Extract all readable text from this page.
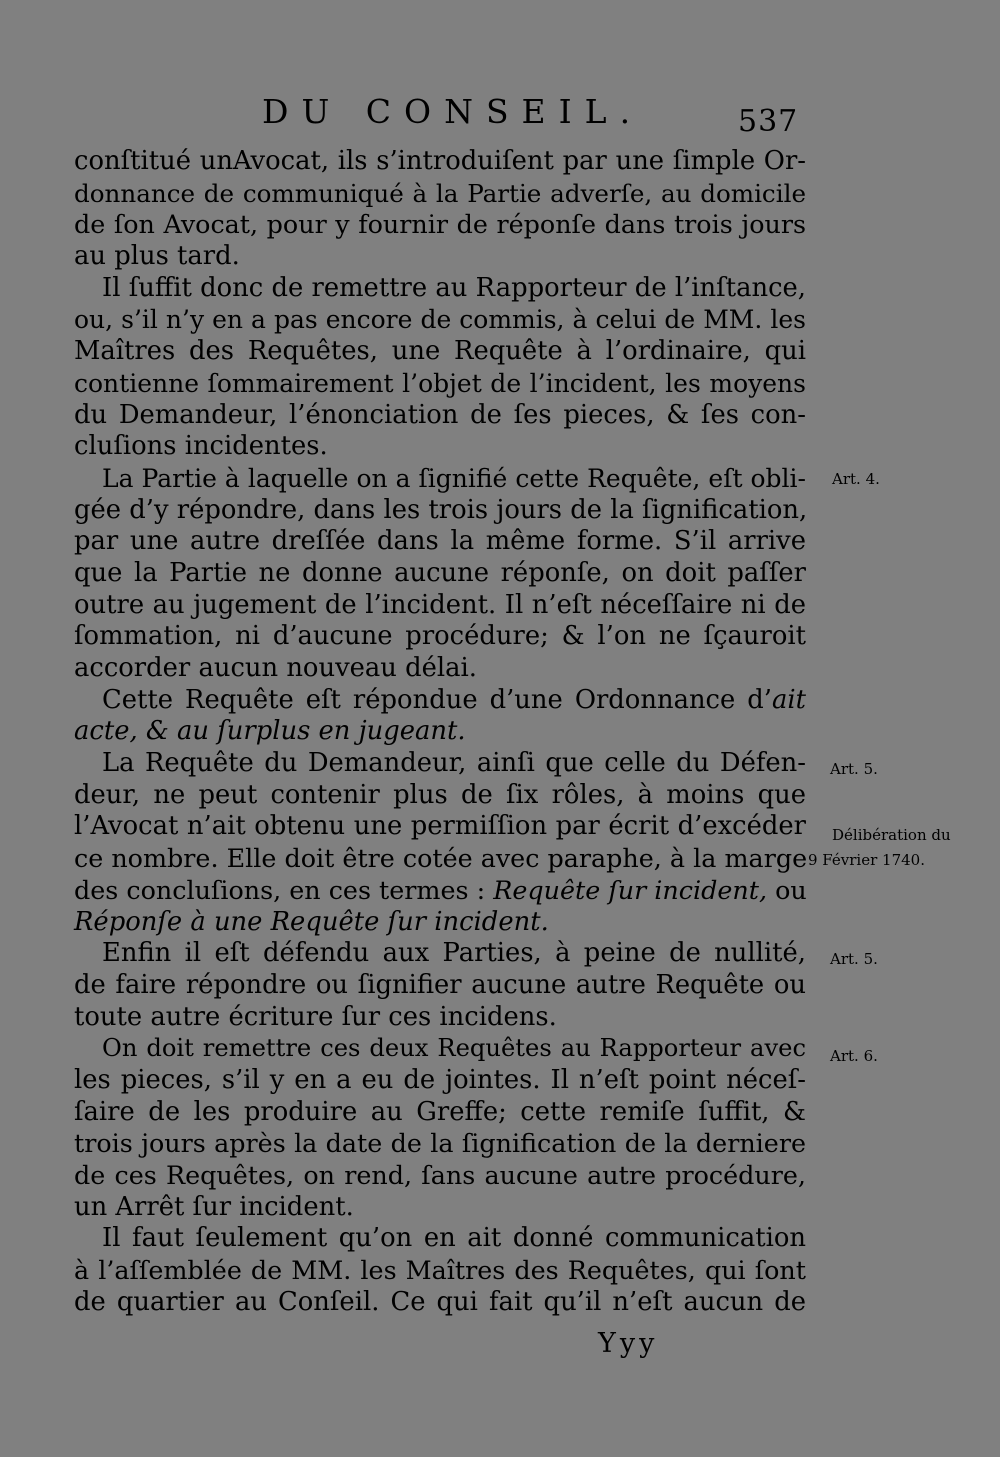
DU CONSEIL.	537
conſtitué unAvocat, ils s’introduiſent par une ſimple Or-
donnance de communiqué à la Partie adverſe, au domicile
de ſon Avocat, pour y fournir de réponſe dans trois jours
au plus tard.
Il ſuffit donc de remettre au Rapporteur de l’inſtance,
ou, s’il n’y en a pas encore de commis, à celui de MM. les
Maîtres des Requêtes, une Requête à l’ordinaire, qui
contienne ſommairement l’objet de l’incident, les moyens
du Demandeur, l’énonciation de ſes pieces, & ſes con-
cluſions incidentes.
La Partie à laquelle on a ſignifié cette Requête, eſt obli-
gée d’y répondre, dans les trois jours de la ſignification,
par une autre dreſſée dans la même forme. S’il arrive
que la Partie ne donne aucune réponſe, on doit paſſer
outre au jugement de l’incident. Il n’eſt néceſſaire ni de
ſommation, ni d’aucune procédure; & l’on ne ſçauroit
accorder aucun nouveau délai.
Cette Requête eſt répondue d’une Ordonnance d’ait
acte, & au ſurplus en jugeant.
La Requête du Demandeur, ainſi que celle du Défen-
deur, ne peut contenir plus de ſix rôles, à moins que
l’Avocat n’ait obtenu une permiſſion par écrit d’excéder
ce nombre. Elle doit être cotée avec paraphe, à la marge
des concluſions, en ces termes : Requête ſur incident, ou
Réponſe à une Requête ſur incident.
Enfin il eſt défendu aux Parties, à peine de nullité,
de faire répondre ou ſignifier aucune autre Requête ou
toute autre écriture ſur ces incidens.
On doit remettre ces deux Requêtes au Rapporteur avec
les pieces, s’il y en a eu de jointes. Il n’eſt point néceſ-
ſaire de les produire au Greffe; cette remiſe ſuffit, &
trois jours après la date de la ſignification de la derniere
de ces Requêtes, on rend, ſans aucune autre procédure,
un Arrêt ſur incident.
Il faut ſeulement qu’on en ait donné communication
à l’aſſemblée de MM. les Maîtres des Requêtes, qui ſont
de quartier au Conſeil. Ce qui fait qu’il n’eſt aucun de
Art. 4.
Art. 5.
Délibération du
9 Février 1740.
Art. 5.
Art. 6.
Yyy
